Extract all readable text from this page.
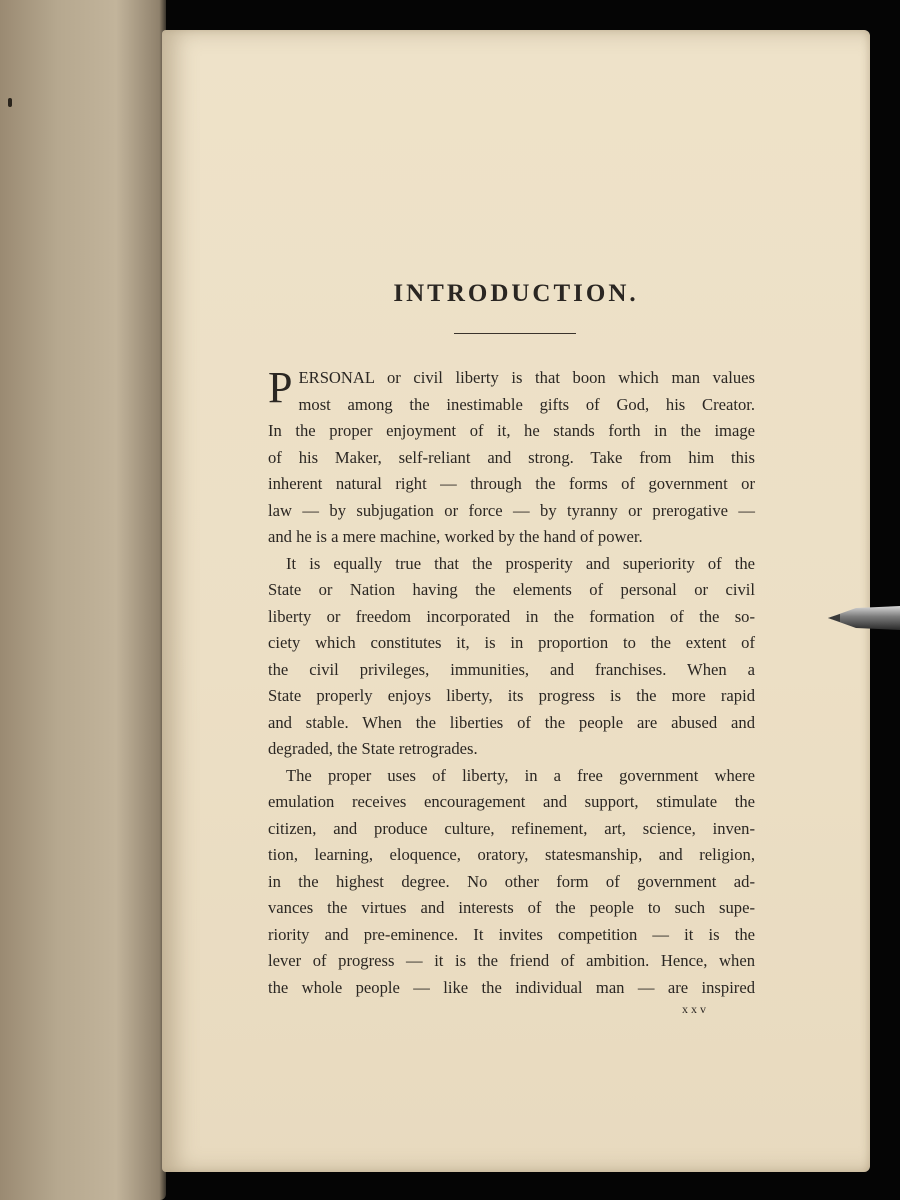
INTRODUCTION.
P ERSONAL or civil liberty is that boon which man values
most among the inestimable gifts of God, his Creator.
In the proper enjoyment of it, he stands forth in the image
of his Maker, self-reliant and strong. Take from him this
inherent natural right — through the forms of government or
law — by subjugation or force — by tyranny or prerogative —
and he is a mere machine, worked by the hand of power.
It is equally true that the prosperity and superiority of the
State or Nation having the elements of personal or civil
liberty or freedom incorporated in the formation of the so-
ciety which constitutes it, is in proportion to the extent of
the civil privileges, immunities, and franchises. When a
State properly enjoys liberty, its progress is the more rapid
and stable. When the liberties of the people are abused and
degraded, the State retrogrades.
The proper uses of liberty, in a free government where
emulation receives encouragement and support, stimulate the
citizen, and produce culture, refinement, art, science, inven-
tion, learning, eloquence, oratory, statesmanship, and religion,
in the highest degree. No other form of government ad-
vances the virtues and interests of the people to such supe-
riority and pre-eminence. It invites competition — it is the
lever of progress — it is the friend of ambition. Hence, when
the whole people — like the individual man — are inspired
xxv
